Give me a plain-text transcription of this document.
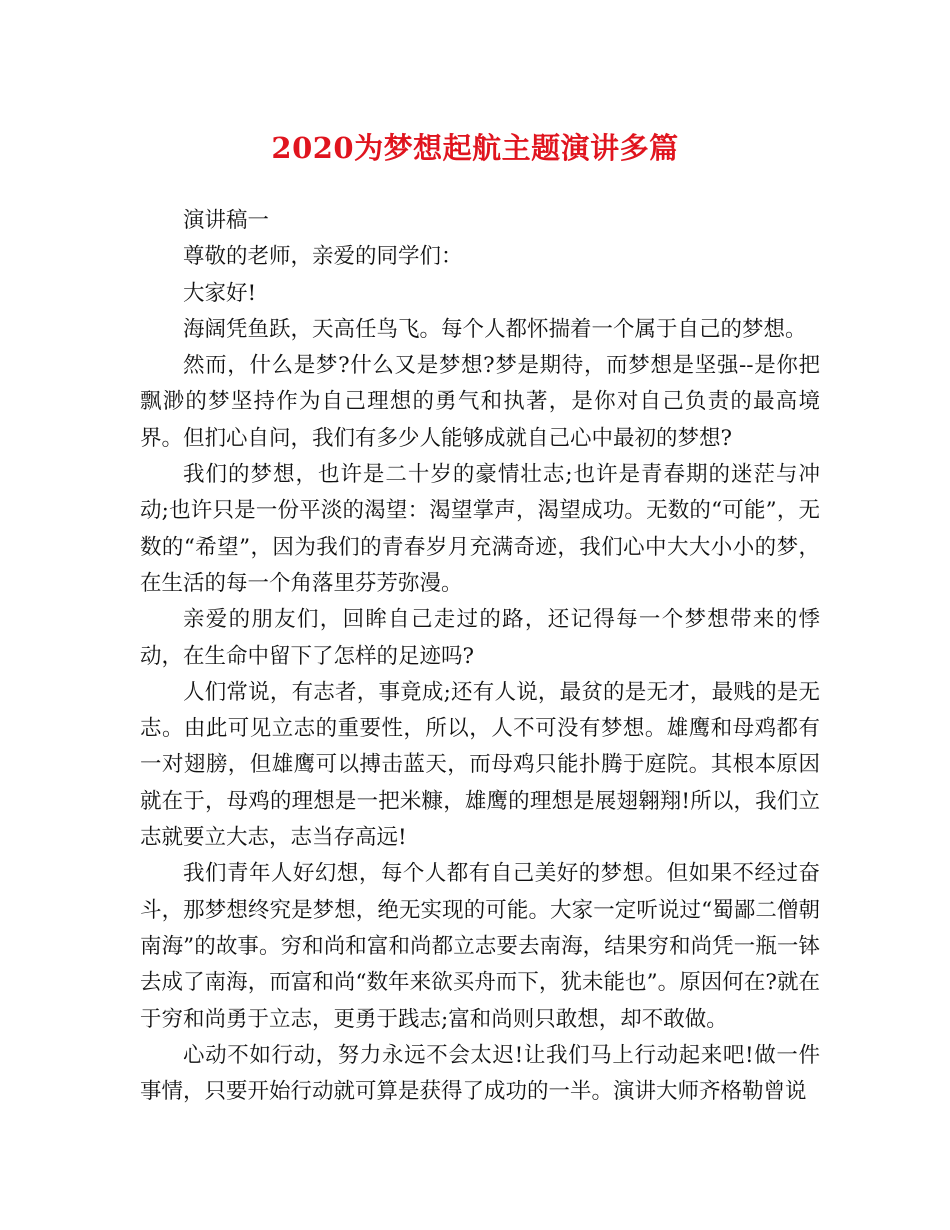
2020为梦想起航主题演讲多篇

演讲稿一

尊敬的老师，亲爱的同学们：

大家好!

海阔凭鱼跃，天高任鸟飞。每个人都怀揣着一个属于自己的梦想。

然而，什么是梦?什么又是梦想?梦是期待，而梦想是坚强--是你把飘渺的梦坚持作为自己理想的勇气和执著，是你对自己负责的最高境界。但扪心自问，我们有多少人能够成就自己心中最初的梦想?

我们的梦想，也许是二十岁的豪情壮志;也许是青春期的迷茫与冲动;也许只是一份平淡的渴望：渴望掌声，渴望成功。无数的“可能”，无数的“希望”，因为我们的青春岁月充满奇迹，我们心中大大小小的梦，在生活的每一个角落里芬芳弥漫。

亲爱的朋友们，回眸自己走过的路，还记得每一个梦想带来的悸动，在生命中留下了怎样的足迹吗?

人们常说，有志者，事竟成;还有人说，最贫的是无才，最贱的是无志。由此可见立志的重要性，所以，人不可没有梦想。雄鹰和母鸡都有一对翅膀，但雄鹰可以搏击蓝天，而母鸡只能扑腾于庭院。其根本原因就在于，母鸡的理想是一把米糠，雄鹰的理想是展翅翱翔!所以，我们立志就要立大志，志当存高远!

我们青年人好幻想，每个人都有自己美好的梦想。但如果不经过奋斗，那梦想终究是梦想，绝无实现的可能。大家一定听说过“蜀鄙二僧朝南海”的故事。穷和尚和富和尚都立志要去南海，结果穷和尚凭一瓶一钵去成了南海，而富和尚“数年来欲买舟而下，犹未能也”。原因何在?就在于穷和尚勇于立志，更勇于践志;富和尚则只敢想，却不敢做。

心动不如行动，努力永远不会太迟!让我们马上行动起来吧!做一件事情，只要开始行动就可算是获得了成功的一半。演讲大师齐格勒曾说
